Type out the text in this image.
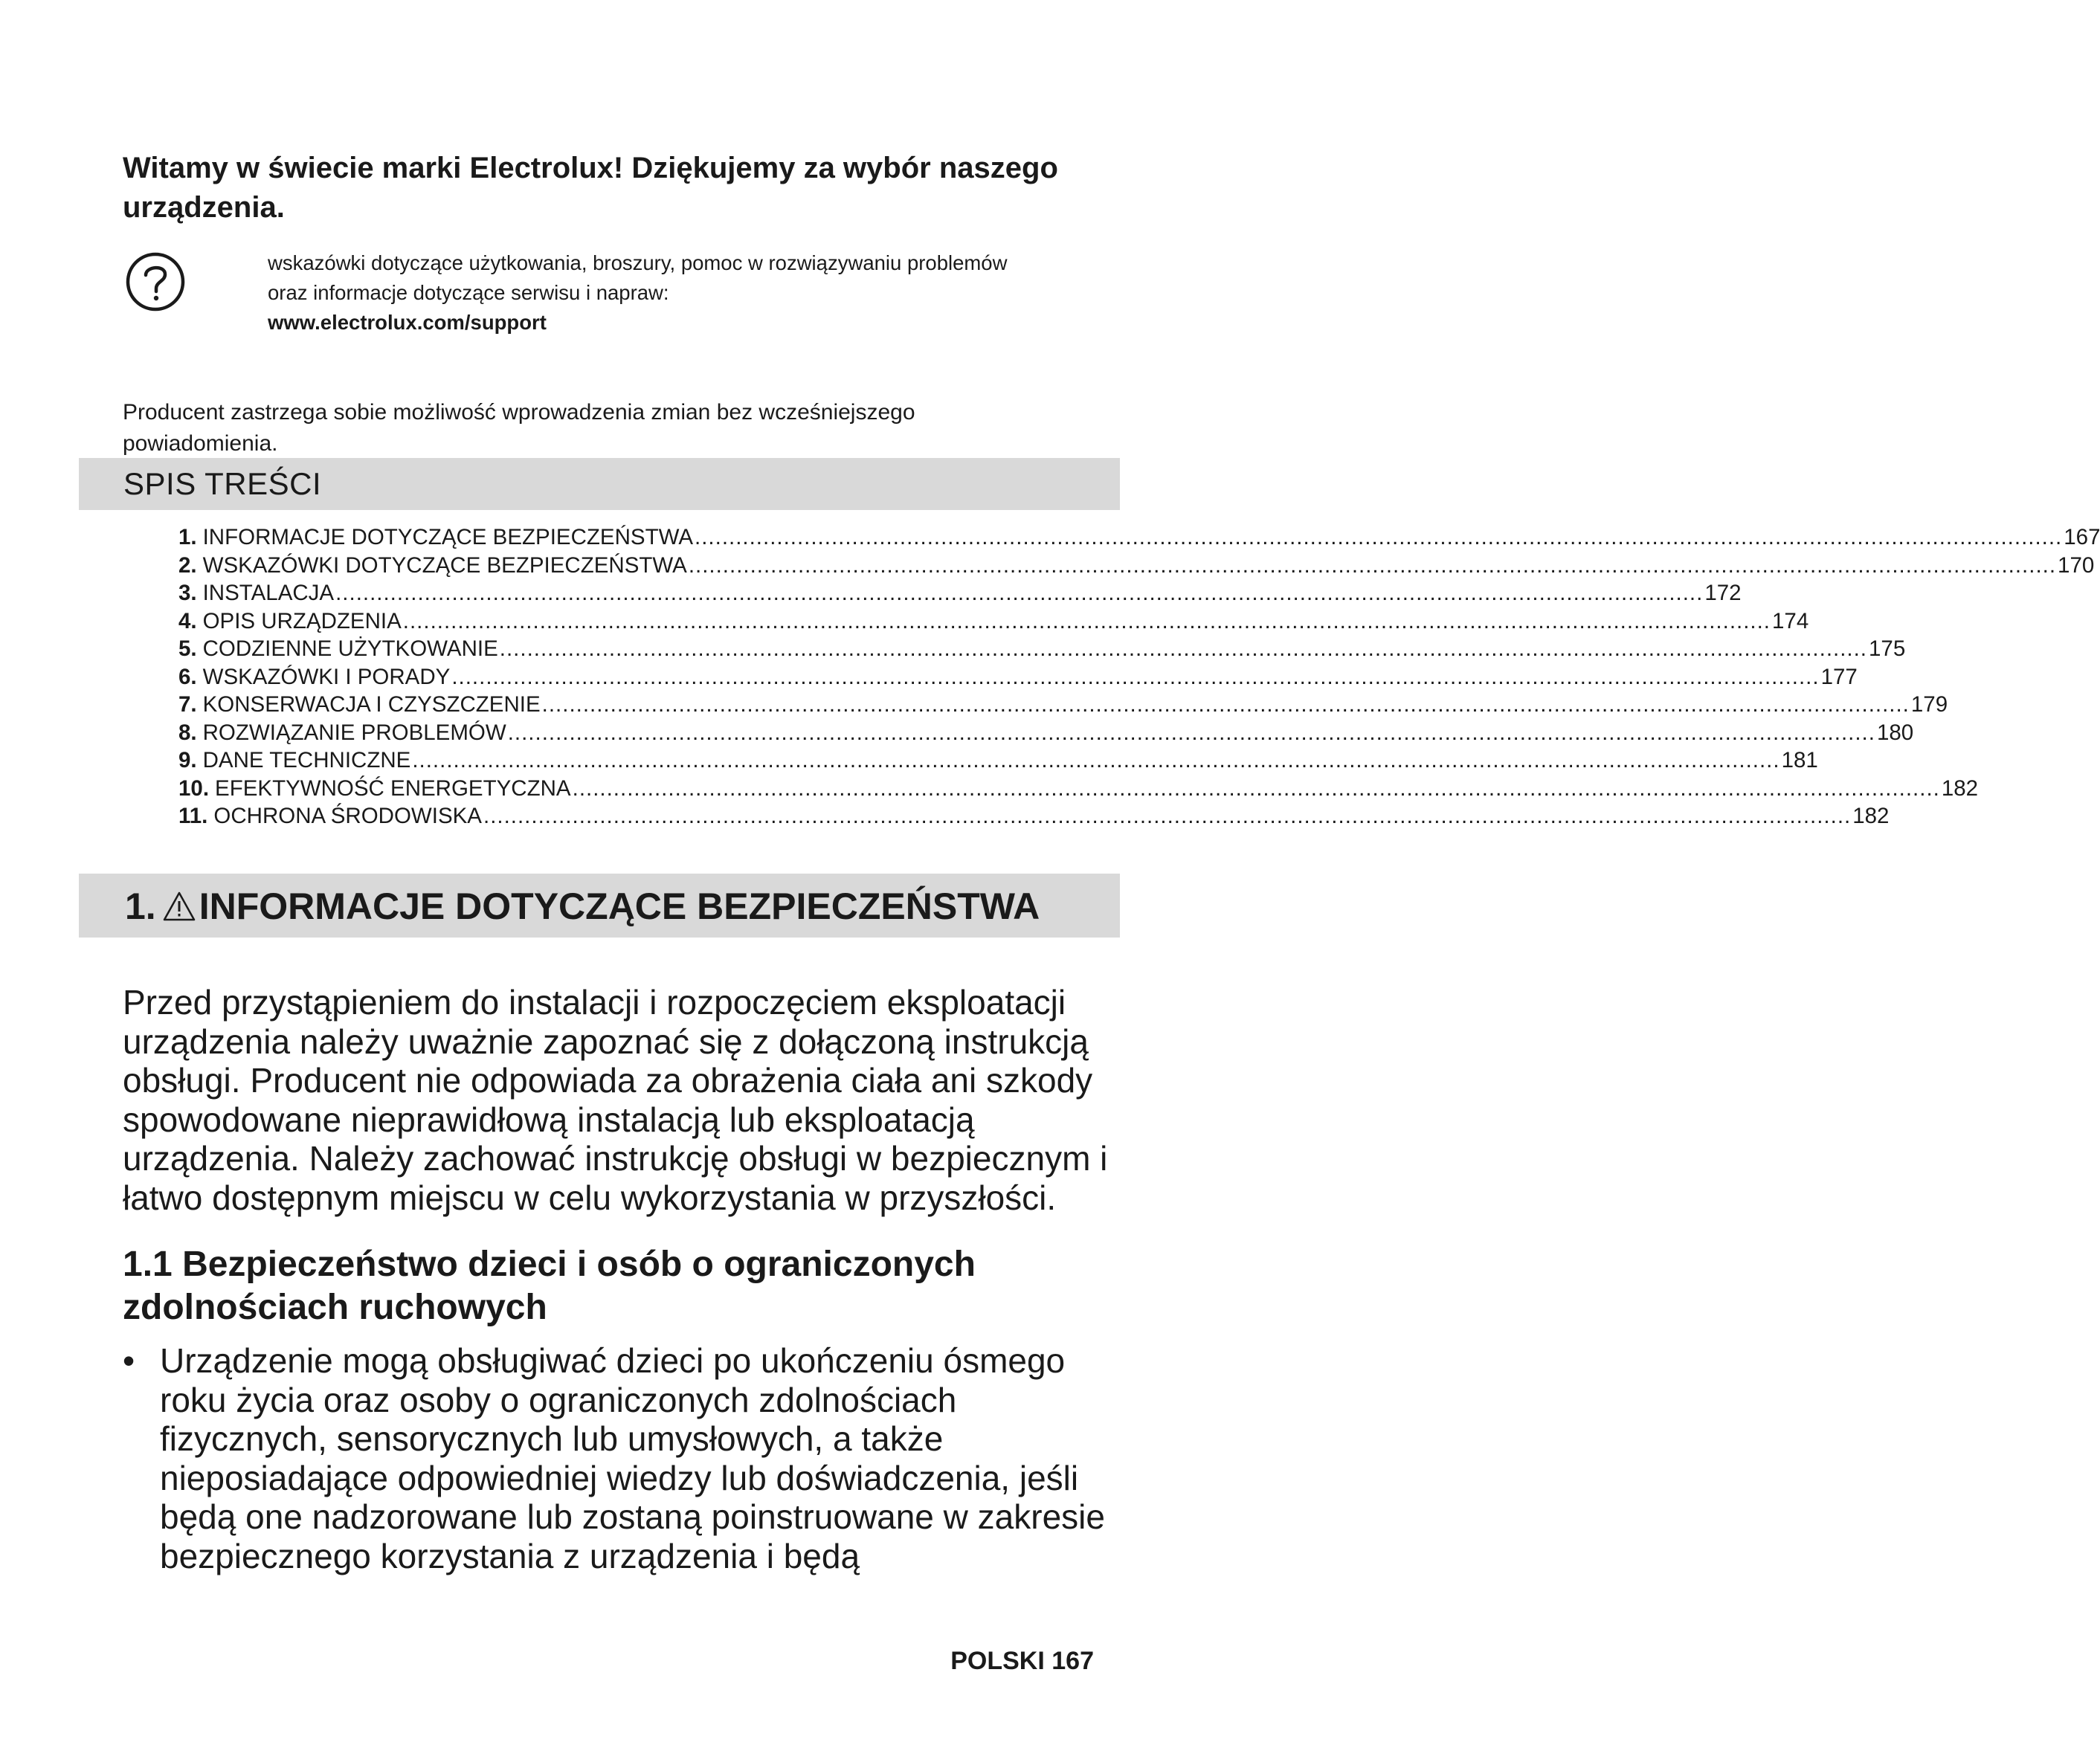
Witamy w świecie marki Electrolux! Dziękujemy za wybór naszego urządzenia.
wskazówki dotyczące użytkowania, broszury, pomoc w rozwiązywaniu problemów
oraz informacje dotyczące serwisu i napraw:
www.electrolux.com/support

Producent zastrzega sobie możliwość wprowadzenia zmian bez wcześniejszego powiadomienia.

SPIS TREŚCI
1. INFORMACJE DOTYCZĄCE BEZPIECZEŃSTWA ........................................................................................................................................................................................................ 167
2. WSKAZÓWKI DOTYCZĄCE BEZPIECZEŃSTWA ........................................................................................................................................................................................................ 170
3. INSTALACJA ........................................................................................................................................................................................................ 172
4. OPIS URZĄDZENIA ........................................................................................................................................................................................................ 174
5. CODZIENNE UŻYTKOWANIE ........................................................................................................................................................................................................ 175
6. WSKAZÓWKI I PORADY ........................................................................................................................................................................................................ 177
7. KONSERWACJA I CZYSZCZENIE ........................................................................................................................................................................................................ 179
8. ROZWIĄZANIE PROBLEMÓW ........................................................................................................................................................................................................ 180
9. DANE TECHNICZNE ........................................................................................................................................................................................................ 181
10. EFEKTYWNOŚĆ ENERGETYCZNA ........................................................................................................................................................................................................ 182
11. OCHRONA ŚRODOWISKA ........................................................................................................................................................................................................ 182
1. INFORMACJE DOTYCZĄCE BEZPIECZEŃSTWA

Przed przystąpieniem do instalacji i rozpoczęciem eksploatacji urządzenia należy uważnie zapoznać się z dołączoną instrukcją obsługi. Producent nie odpowiada za obrażenia ciała ani szkody spowodowane nieprawidłową instalacją lub eksploatacją urządzenia. Należy zachować instrukcję obsługi w bezpiecznym i łatwo dostępnym miejscu w celu wykorzystania w przyszłości.

1.1 Bezpieczeństwo dzieci i osób o ograniczonych zdolnościach ruchowych
• Urządzenie mogą obsługiwać dzieci po ukończeniu ósmego roku życia oraz osoby o ograniczonych zdolnościach fizycznych, sensorycznych lub umysłowych, a także nieposiadające odpowiedniej wiedzy lub doświadczenia, jeśli będą one nadzorowane lub zostaną poinstruowane w zakresie bezpiecznego korzystania z urządzenia i będą
POLSKI 167
